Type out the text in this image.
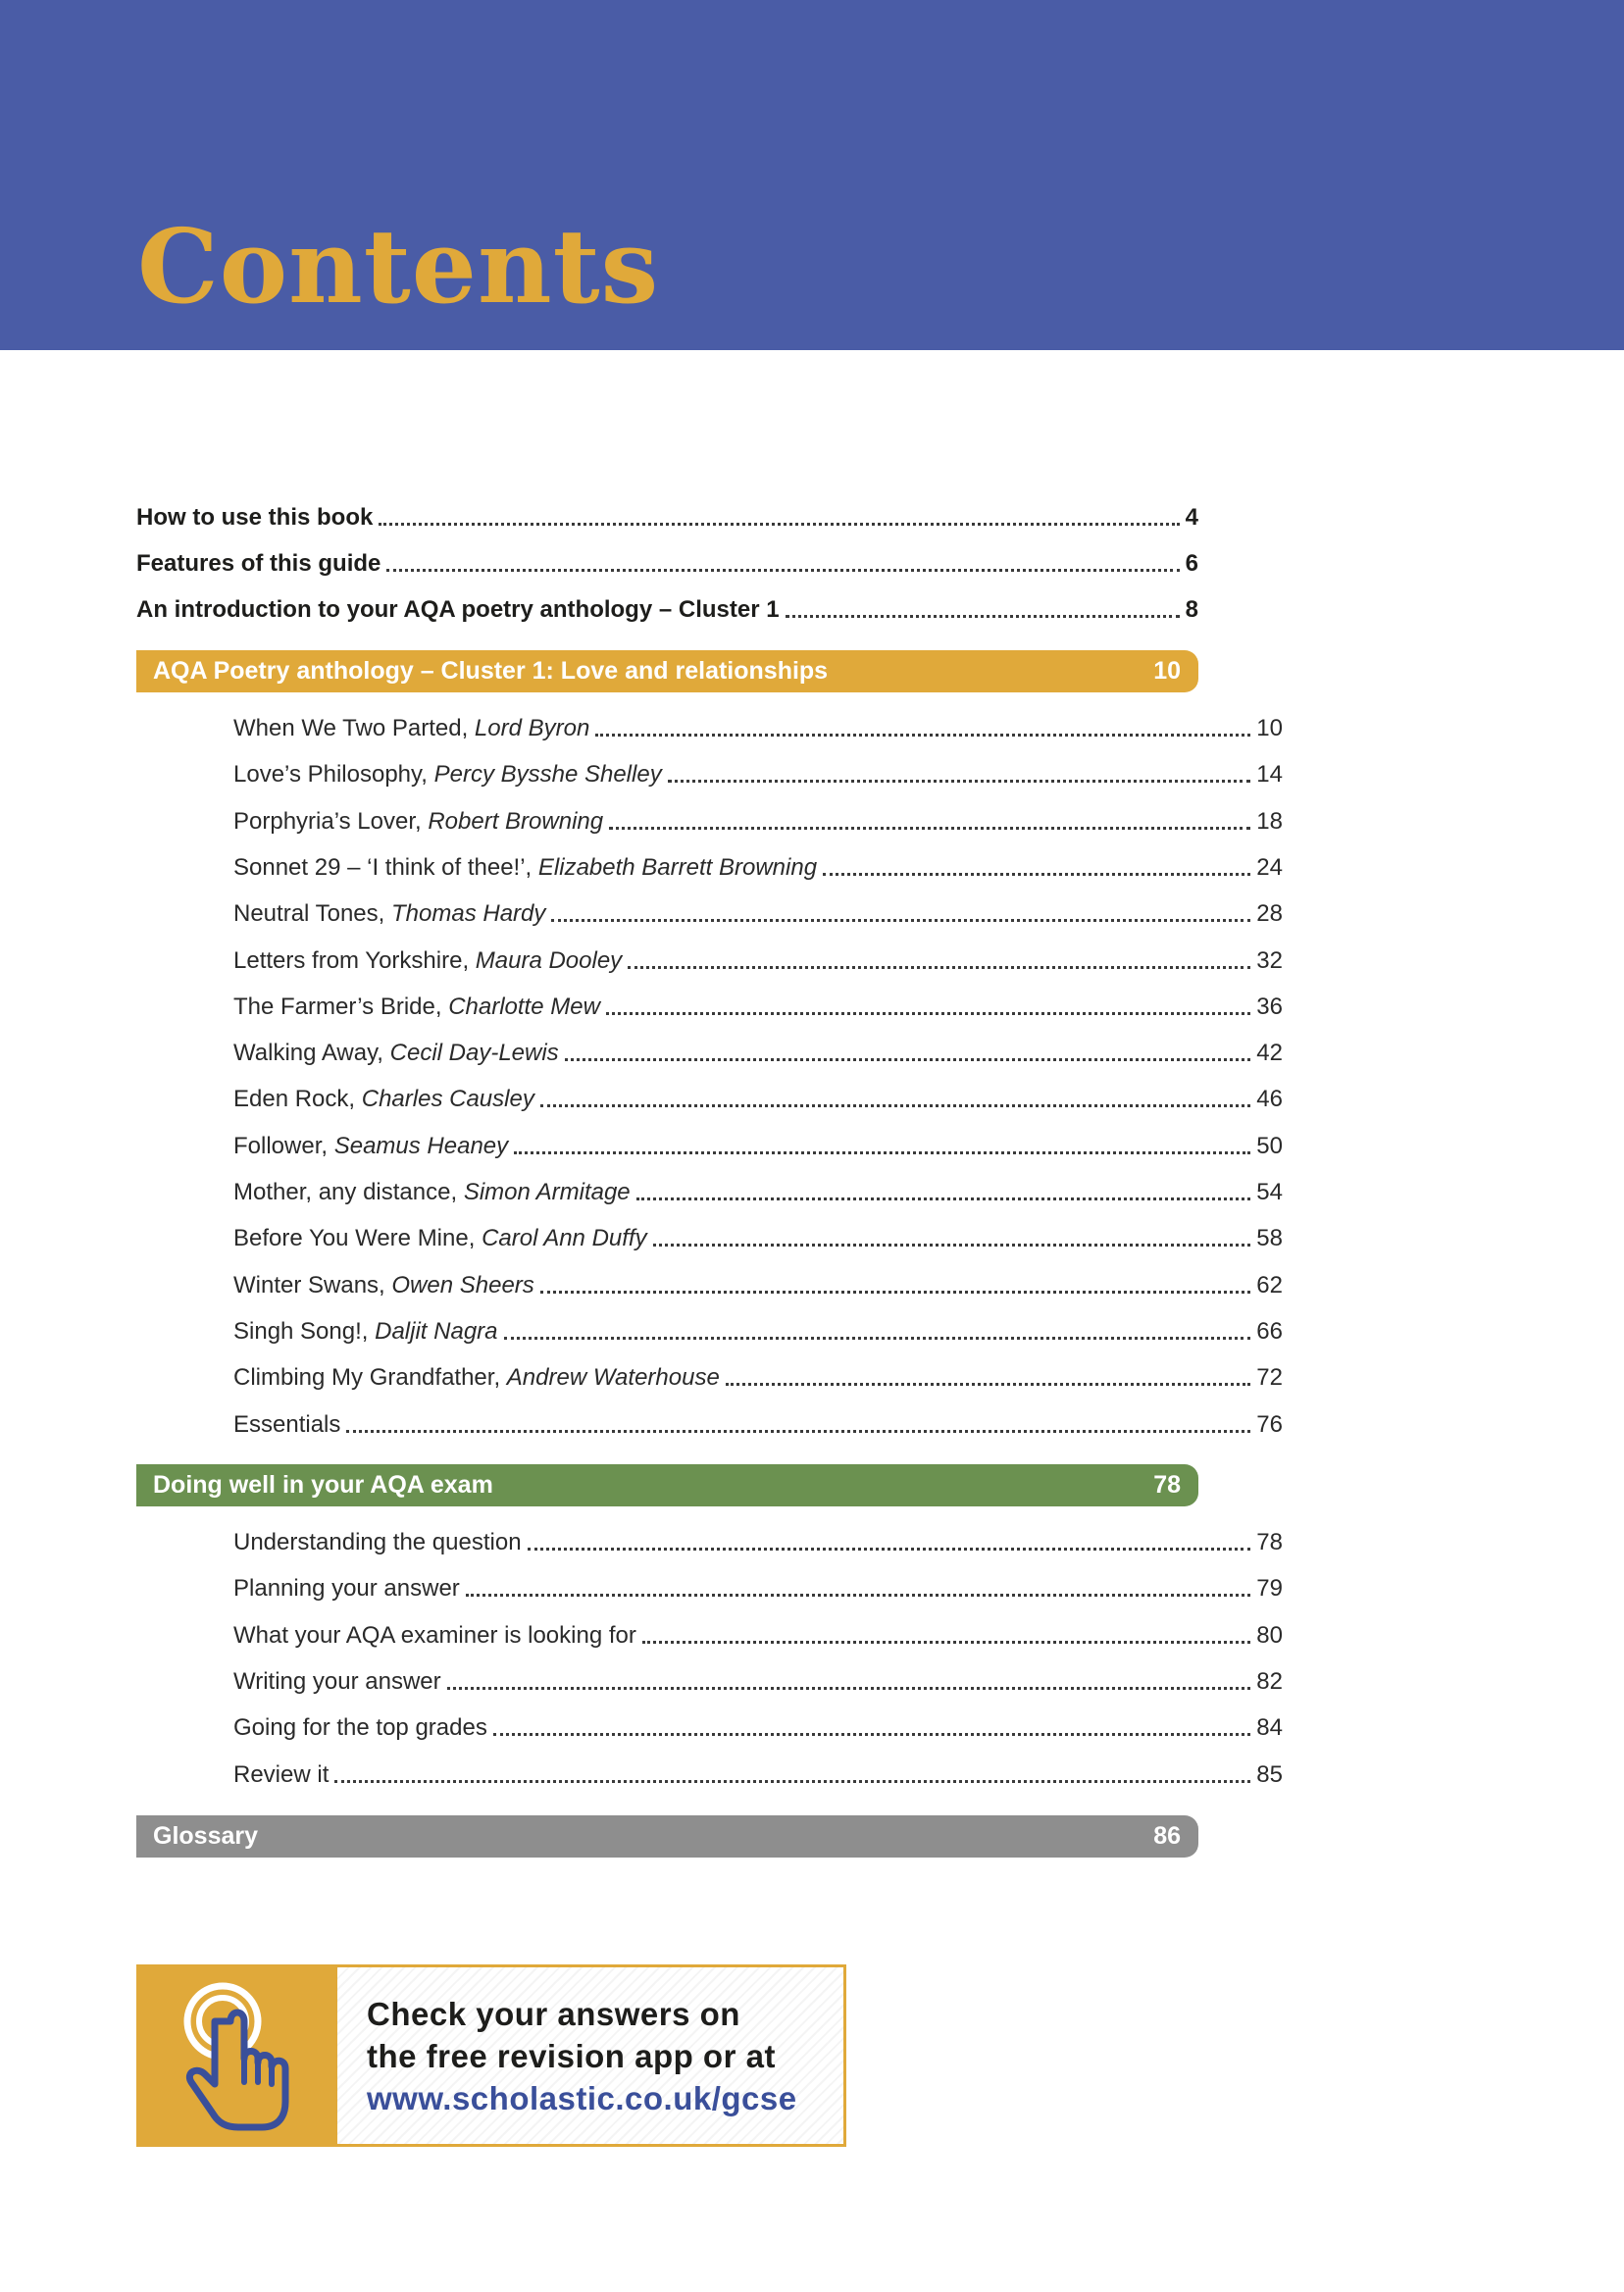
Contents
How to use this book	4
Features of this guide	6
An introduction to your AQA poetry anthology – Cluster 1	8
AQA Poetry anthology – Cluster 1: Love and relationships	10
When We Two Parted, Lord Byron	10
Love’s Philosophy, Percy Bysshe Shelley	14
Porphyria’s Lover, Robert Browning	18
Sonnet 29 – ‘I think of thee!’, Elizabeth Barrett Browning	24
Neutral Tones, Thomas Hardy	28
Letters from Yorkshire, Maura Dooley	32
The Farmer’s Bride, Charlotte Mew	36
Walking Away, Cecil Day-Lewis	42
Eden Rock, Charles Causley	46
Follower, Seamus Heaney	50
Mother, any distance, Simon Armitage	54
Before You Were Mine, Carol Ann Duffy	58
Winter Swans, Owen Sheers	62
Singh Song!, Daljit Nagra	66
Climbing My Grandfather, Andrew Waterhouse	72
Essentials	76
Doing well in your AQA exam	78
Understanding the question	78
Planning your answer	79
What your AQA examiner is looking for	80
Writing your answer	82
Going for the top grades	84
Review it	85
Glossary	86
Check your answers on
the free revision app or at
www.scholastic.co.uk/gcse
